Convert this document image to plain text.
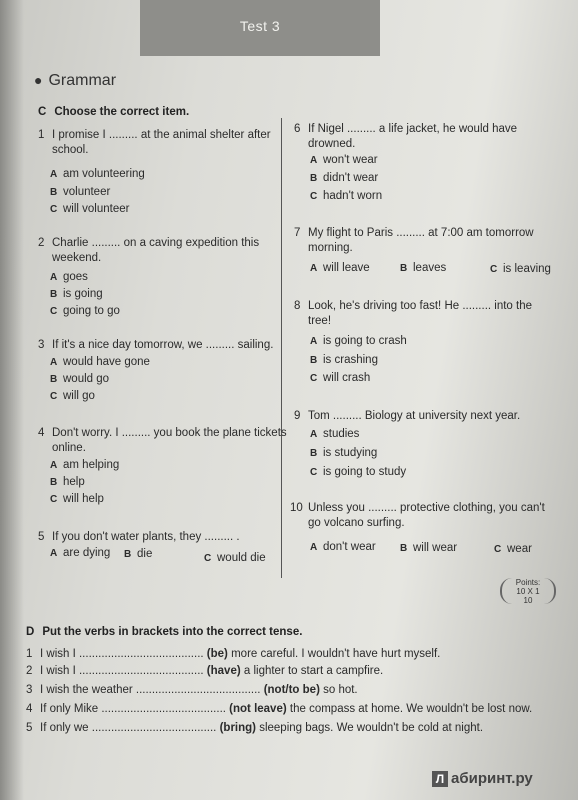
Test 3
● Grammar
C Choose the correct item.
1 I promise I ......... at the animal shelter after
school.
A am volunteering
B volunteer
C will volunteer
2 Charlie ......... on a caving expedition this
weekend.
A goes
B is going
C going to go
3 If it's a nice day tomorrow, we ......... sailing.
A would have gone
B would go
C will go
4 Don't worry. I ......... you book the plane tickets
online.
A am helping
B help
C will help
5 If you don't water plants, they ......... .
A are dying B die	C would die
6 If Nigel ......... a life jacket, he would have
drowned.
A won't wear
B didn't wear
C hadn't worn
7 My flight to Paris ......... at 7:00 am tomorrow
morning.
A will leave	B leaves	C is leaving
8 Look, he's driving too fast! He ......... into the
tree!
A is going to crash
B is crashing
C will crash
9 Tom ......... Biology at university next year.
A studies
B is studying
C is going to study
10 Unless you ......... protective clothing, you can't
go volcano surfing.
A don't wear B will wear	C wear
Points:
10 X 1
10
D Put the verbs in brackets into the correct tense.
1 I wish I ....................................... (be) more careful. I wouldn't have hurt myself.
2 I wish I ....................................... (have) a lighter to start a campfire.
3 I wish the weather ....................................... (not/to be) so hot.
4 If only Mike ....................................... (not leave) the compass at home. We wouldn't be lost now.
5 If only we ....................................... (bring) sleeping bags. We wouldn't be cold at night.
Л абиринт.ру
